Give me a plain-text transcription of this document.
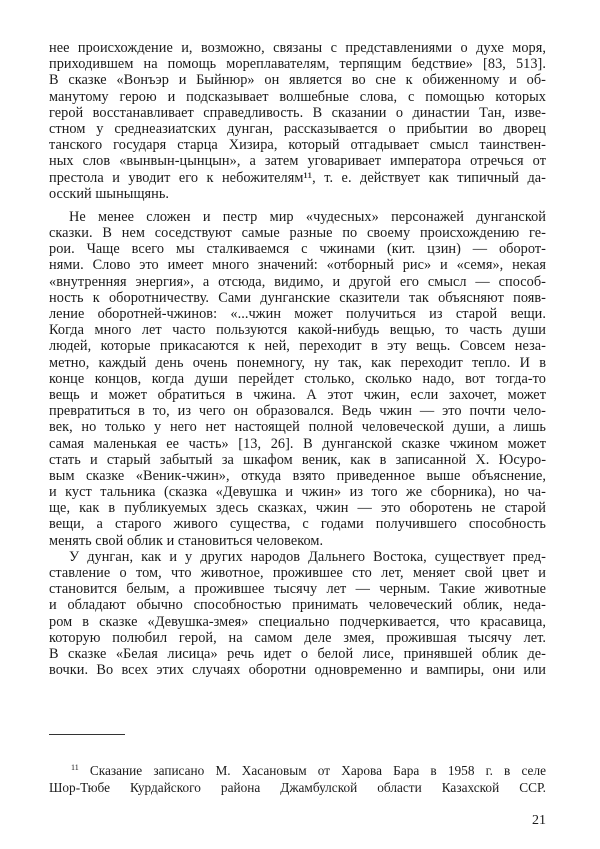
нее происхождение и, возможно, связаны с представлениями о духе моря,
приходившем на помощь мореплавателям, терпящим бедствие» [83, 513].
В сказке «Вонъэр и Быйнюр» он является во сне к обиженному и об-
манутому герою и подсказывает волшебные слова, с помощью которых
герой восстанавливает справедливость. В сказании о династии Тан, изве-
стном у среднеазиатских дунган, рассказывается о прибытии во дворец
танского государя старца Хизира, который отгадывает смысл таинствен-
ных слов «вынвын-цынцын», а затем уговаривает императора отречься от
престола и уводит его к небожителям¹¹, т. е. действует как типичный да-
осский шыныщянь.
Не менее сложен и пестр мир «чудесных» персонажей дунганской
сказки. В нем соседствуют самые разные по своему происхождению ге-
рои. Чаще всего мы сталкиваемся с чжинами (кит. цзин) — оборот-
нями. Слово это имеет много значений: «отборный рис» и «семя», некая
«внутренняя энергия», а отсюда, видимо, и другой его смысл — способ-
ность к оборотничеству. Сами дунганские сказители так объясняют появ-
ление оборотней-чжинов: «...чжин может получиться из старой вещи.
Когда много лет часто пользуются какой-нибудь вещью, то часть души
людей, которые прикасаются к ней, переходит в эту вещь. Совсем неза-
метно, каждый день очень понемногу, ну так, как переходит тепло. И в
конце концов, когда души перейдет столько, сколько надо, вот тогда-то
вещь и может обратиться в чжина. А этот чжин, если захочет, может
превратиться в то, из чего он образовался. Ведь чжин — это почти чело-
век, но только у него нет настоящей полной человеческой души, а лишь
самая маленькая ее часть» [13, 26]. В дунганской сказке чжином может
стать и старый забытый за шкафом веник, как в записанной Х. Юсуро-
вым сказке «Веник-чжин», откуда взято приведенное выше объяснение,
и куст тальника (сказка «Девушка и чжин» из того же сборника), но ча-
ще, как в публикуемых здесь сказках, чжин — это оборотень не старой
вещи, а старого живого существа, с годами получившего способность
менять свой облик и становиться человеком.
У дунган, как и у других народов Дальнего Востока, существует пред-
ставление о том, что животное, прожившее сто лет, меняет свой цвет и
становится белым, а прожившее тысячу лет — черным. Такие животные
и обладают обычно способностью принимать человеческий облик, неда-
ром в сказке «Девушка-змея» специально подчеркивается, что красавица,
которую полюбил герой, на самом деле змея, прожившая тысячу лет.
В сказке «Белая лисица» речь идет о белой лисе, принявшей облик де-
вочки. Во всех этих случаях оборотни одновременно и вампиры, они или
$^{11}$ Сказание записано М. Хасановым от Харова Бара в 1958 г. в селе
Шор-Тюбе Курдайского района Джамбулской области Казахской ССР.
21
